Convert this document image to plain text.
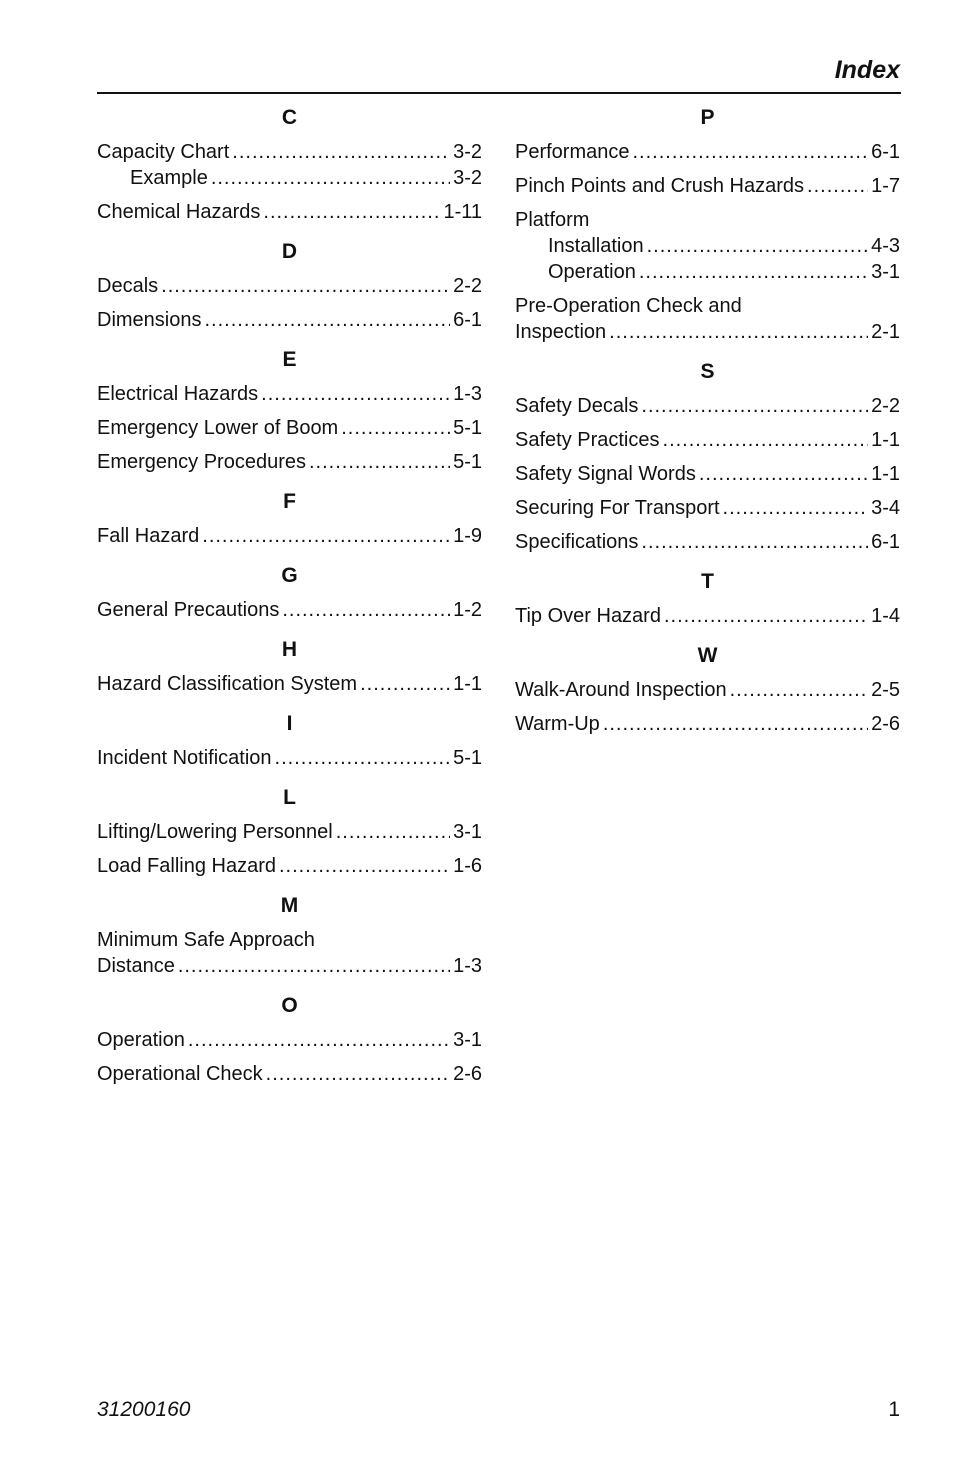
Index
C
Capacity Chart .....	3-2
Example .....	3-2
Chemical Hazards .....	1-11
D
Decals .....	2-2
Dimensions .....	6-1
E
Electrical Hazards .....	1-3
Emergency Lower of Boom .....	5-1
Emergency Procedures .....	5-1
F
Fall Hazard .....	1-9
G
General Precautions .....	1-2
H
Hazard Classification System .....	1-1
I
Incident Notification .....	5-1
L
Lifting/Lowering Personnel .....	3-1
Load Falling Hazard .....	1-6
M
Minimum Safe Approach
Distance .....	1-3
O
Operation .....	3-1
Operational Check .....	2-6
P
Performance .....	6-1
Pinch Points and Crush Hazards .....	1-7
Platform
Installation .....	4-3
Operation .....	3-1
Pre-Operation Check and
Inspection .....	2-1
S
Safety Decals .....	2-2
Safety Practices .....	1-1
Safety Signal Words .....	1-1
Securing For Transport .....	3-4
Specifications .....	6-1
T
Tip Over Hazard .....	1-4
W
Walk-Around Inspection .....	2-5
Warm-Up .....	2-6
31200160	1
